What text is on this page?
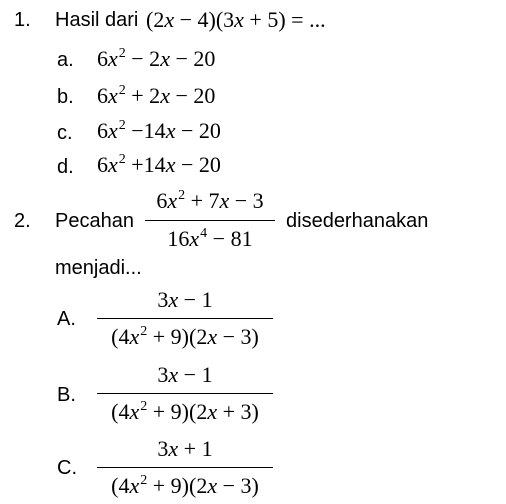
1. Hasil dari (2x − 4)(3x + 5) = ...
a. $6x^2 - 2x - 20$
b. $6x^2 + 2x - 20$
c. $6x^2 -14x - 20$
d. $6x^2 +14x - 20$
2. Pecahan
$6x^2 + 7x - 3$
$16x^4 - 81$
disederhanakan
menjadi...
A.
3x − 1
$(4x^2 + 9)(2x - 3)$
B.
3x − 1
$(4x^2 + 9)(2x + 3)$
C.
3x + 1
$(4x^2 + 9)(2x - 3)$
